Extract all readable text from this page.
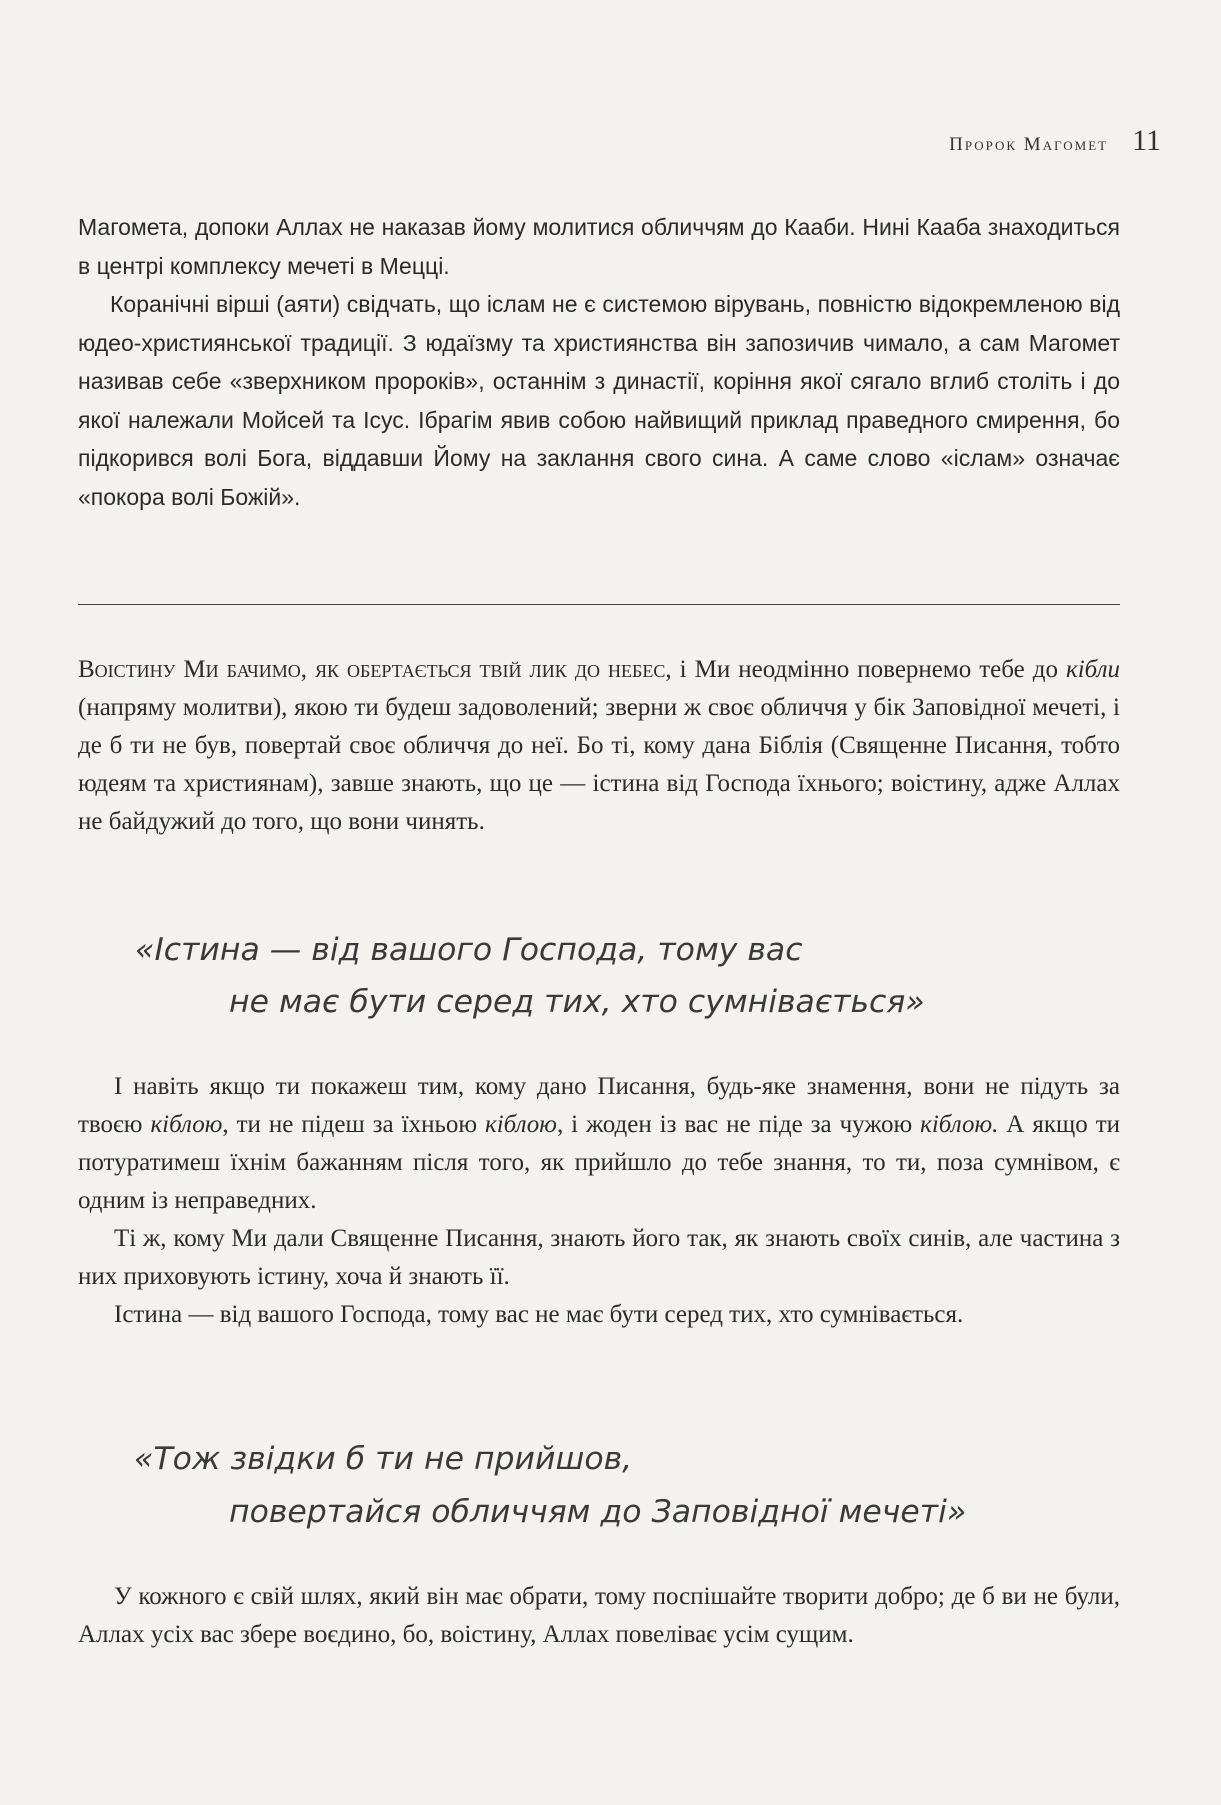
Пророк Магомет 11

Магомета, допоки Аллах не наказав йому молитися обличчям до Кааби. Нині Каaба знаходиться в центрі комплексу мечеті в Мецці.

Коранічні вірші (аяти) свідчать, що іслам не є системою вірувань, повністю відокремленою від юдео-християнської традиції. З юдаїзму та християнства він запозичив чимало, а сам Магомет називав себе «зверхником пророків», останнім з династії, коріння якої сягало вглиб століть і до якої належали Мойсей та Ісус. Ібрагім явив собою найвищий приклад праведного смирення, бо підкорився волі Бога, віддавши Йому на заклання свого сина. А саме слово «іслам» означає «покора волі Божій».

Воістину Ми бачимо, як обертається твій лик до небес, і Ми неодмінно повернемо тебе до кібли (напряму молитви), якою ти будеш задоволений; зверни ж своє обличчя у бік Заповідної мечеті, і де б ти не був, повертай своє обличчя до неї. Бо ті, кому дана Біблія (Священне Писання, тобто юдеям та християнам), завше знають, що це — істина від Господа їхнього; воістину, адже Аллах не байдужий до того, що вони чинять.

«Істина — від вашого Господа, тому вас
не має бути серед тих, хто сумнівається»

І навіть якщо ти покажеш тим, кому дано Писання, будь-яке знамення, вони не підуть за твоєю кіблою, ти не підеш за їхньою кіблою, і жоден із вас не піде за чужою кіблою. А якщо ти потуратимеш їхнім бажанням після того, як прийшло до тебе знання, то ти, поза сумнівом, є одним із неправедних.

Ті ж, кому Ми дали Священне Писання, знають його так, як знають своїх синів, але частина з них приховують істину, хоча й знають її.

Істина — від вашого Господа, тому вас не має бути серед тих, хто сумнівається.

«Тож звідки б ти не прийшов,
повертайся обличчям до Заповідної мечеті»

У кожного є свій шлях, який він має обрати, тому поспішайте творити добро; де б ви не були, Аллах усіх вас збере воєдино, бо, воістину, Аллах повеліває усім сущим.
